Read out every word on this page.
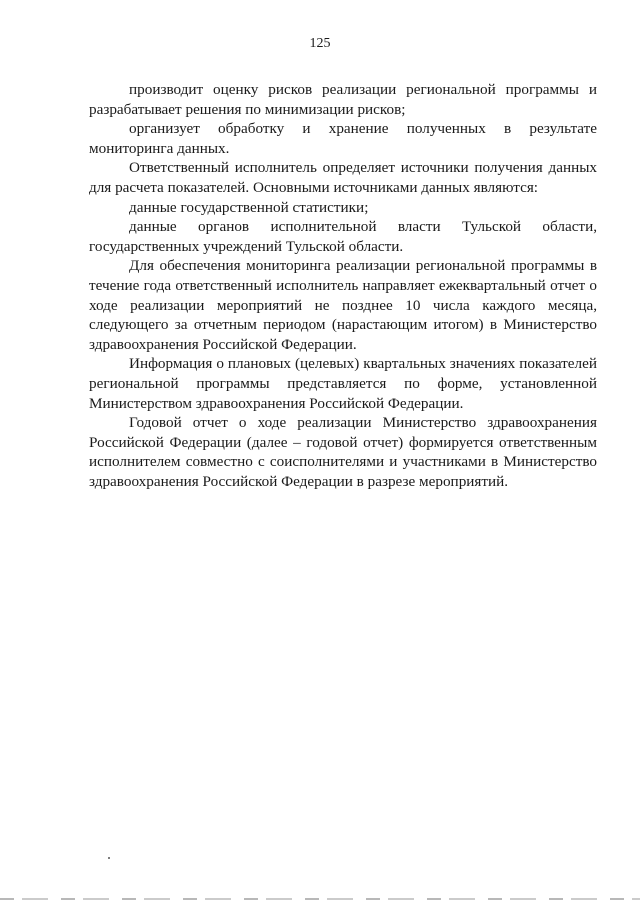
125

производит оценку рисков реализации региональной программы и разрабатывает решения по минимизации рисков;

организует обработку и хранение полученных в результате мониторинга данных.

Ответственный исполнитель определяет источники получения данных для расчета показателей. Основными источниками данных являются:

данные государственной статистики;

данные органов исполнительной власти Тульской области, государственных учреждений Тульской области.

Для обеспечения мониторинга реализации региональной программы в течение года ответственный исполнитель направляет ежеквартальный отчет о ходе реализации мероприятий не позднее 10 числа каждого месяца, следующего за отчетным периодом (нарастающим итогом) в Министерство здравоохранения Российской Федерации.

Информация о плановых (целевых) квартальных значениях показателей региональной программы представляется по форме, установленной Министерством здравоохранения Российской Федерации.

Годовой отчет о ходе реализации Министерство здравоохранения Российской Федерации (далее – годовой отчет) формируется ответственным исполнителем совместно с соисполнителями и участниками в Министерство здравоохранения Российской Федерации в разрезе мероприятий.
